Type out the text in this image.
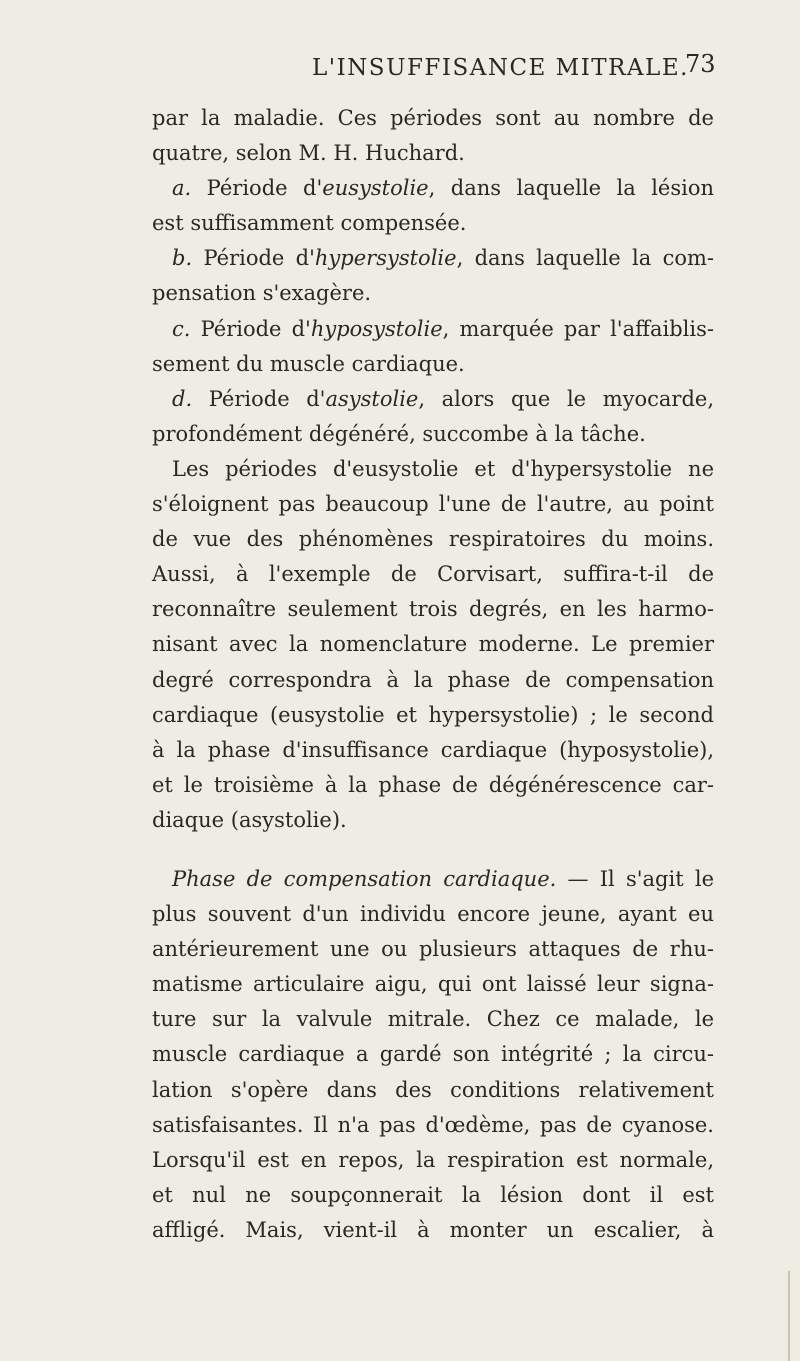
L'INSUFFISANCE MITRALE.
73
par la maladie. Ces périodes sont au nombre de
quatre, selon M. H. Huchard.
a. Période d'eusystolie, dans laquelle la lésion
est suffisamment compensée.
b. Période d'hypersystolie, dans laquelle la com-
pensation s'exagère.
c. Période d'hyposystolie, marquée par l'affaiblis-
sement du muscle cardiaque.
d. Période d'asystolie, alors que le myocarde,
profondément dégénéré, succombe à la tâche.
Les périodes d'eusystolie et d'hypersystolie ne
s'éloignent pas beaucoup l'une de l'autre, au point
de vue des phénomènes respiratoires du moins.
Aussi, à l'exemple de Corvisart, suffira-t-il de
reconnaître seulement trois degrés, en les harmo-
nisant avec la nomenclature moderne. Le premier
degré correspondra à la phase de compensation
cardiaque (eusystolie et hypersystolie) ; le second
à la phase d'insuffisance cardiaque (hyposystolie),
et le troisième à la phase de dégénérescence car-
diaque (asystolie).
Phase de compensation cardiaque. — Il s'agit le
plus souvent d'un individu encore jeune, ayant eu
antérieurement une ou plusieurs attaques de rhu-
matisme articulaire aigu, qui ont laissé leur signa-
ture sur la valvule mitrale. Chez ce malade, le
muscle cardiaque a gardé son intégrité ; la circu-
lation s'opère dans des conditions relativement
satisfaisantes. Il n'a pas d'œdème, pas de cyanose.
Lorsqu'il est en repos, la respiration est normale,
et nul ne soupçonnerait la lésion dont il est
affligé. Mais, vient-il à monter un escalier, à
